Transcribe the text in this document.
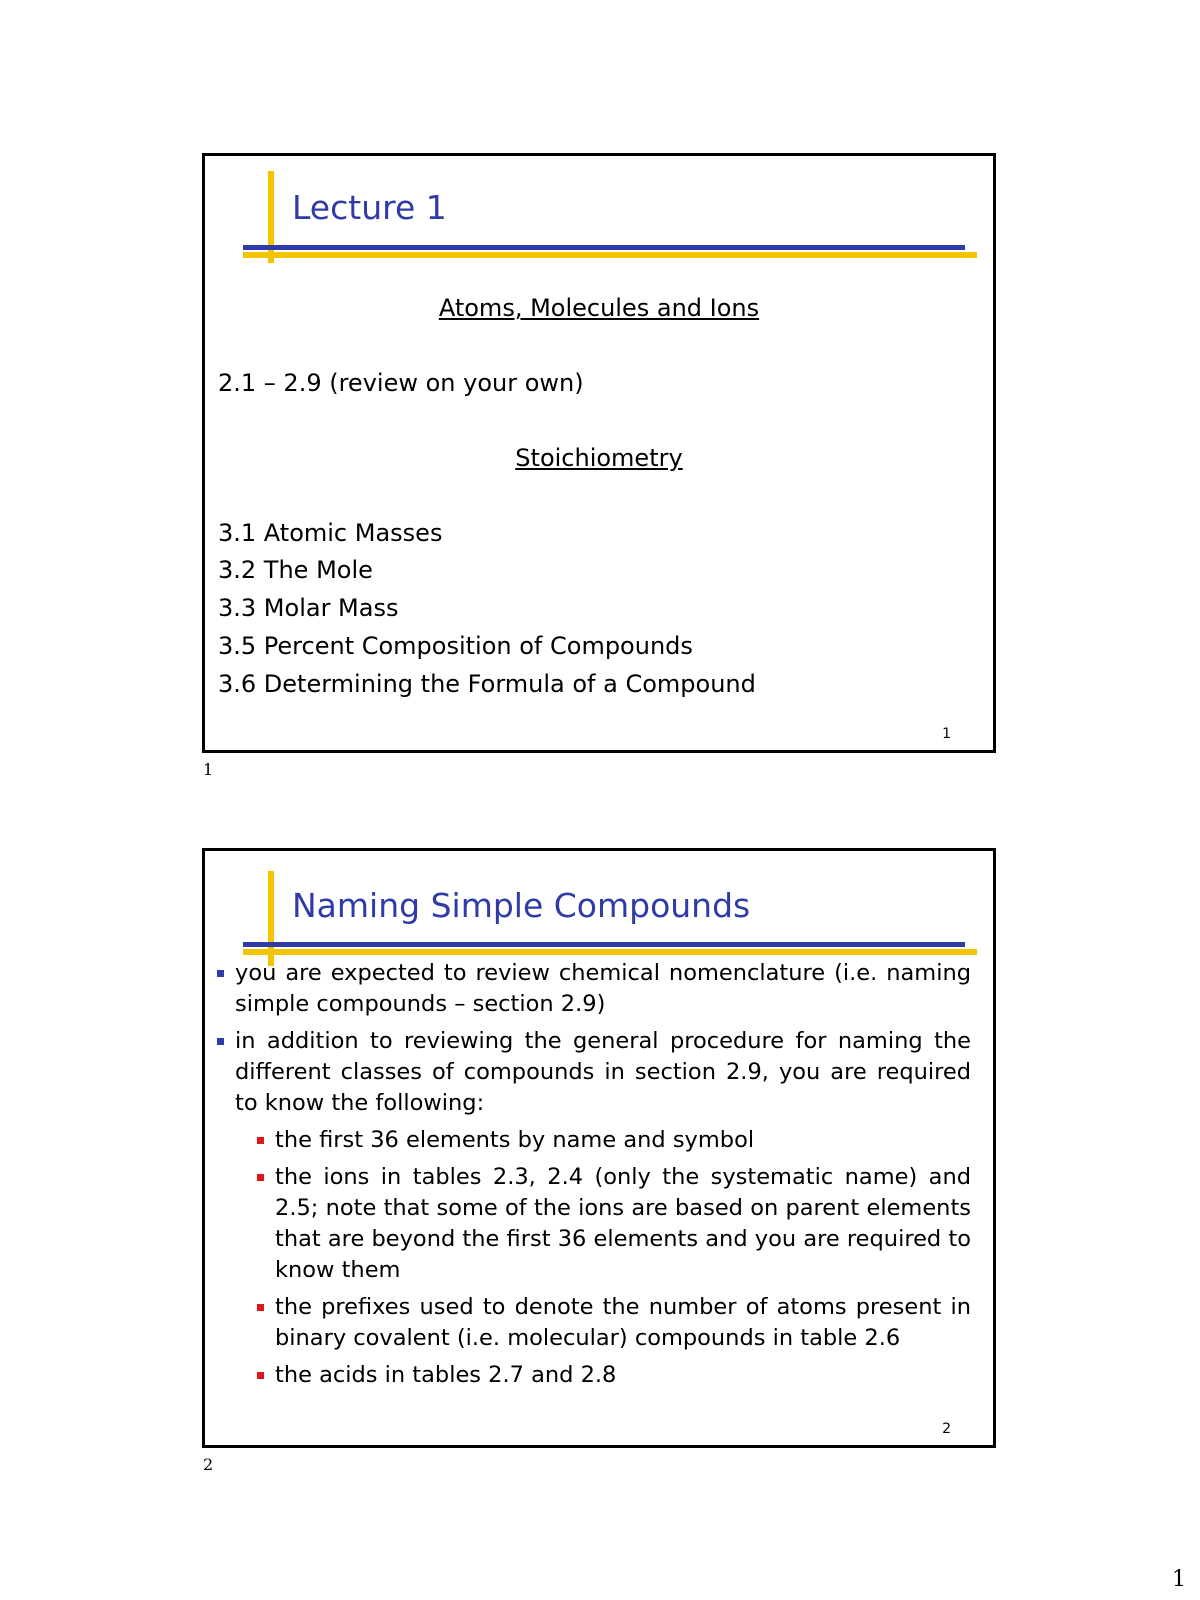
Lecture 1
Atoms, Molecules and Ions
2.1 – 2.9 (review on your own)
Stoichiometry
3.1 Atomic Masses
3.2 The Mole
3.3 Molar Mass
3.5 Percent Composition of Compounds
3.6 Determining the Formula of a Compound
1
1
Naming Simple Compounds
you are expected to review chemical nomenclature (i.e. naming simple compounds – section 2.9)
in addition to reviewing the general procedure for naming the different classes of compounds in section 2.9, you are required to know the following:
the first 36 elements by name and symbol
the ions in tables 2.3, 2.4 (only the systematic name) and 2.5; note that some of the ions are based on parent elements that are beyond the first 36 elements and you are required to know them
the prefixes used to denote the number of atoms present in binary covalent (i.e. molecular) compounds in table 2.6
the acids in tables 2.7 and 2.8
2
2
1
